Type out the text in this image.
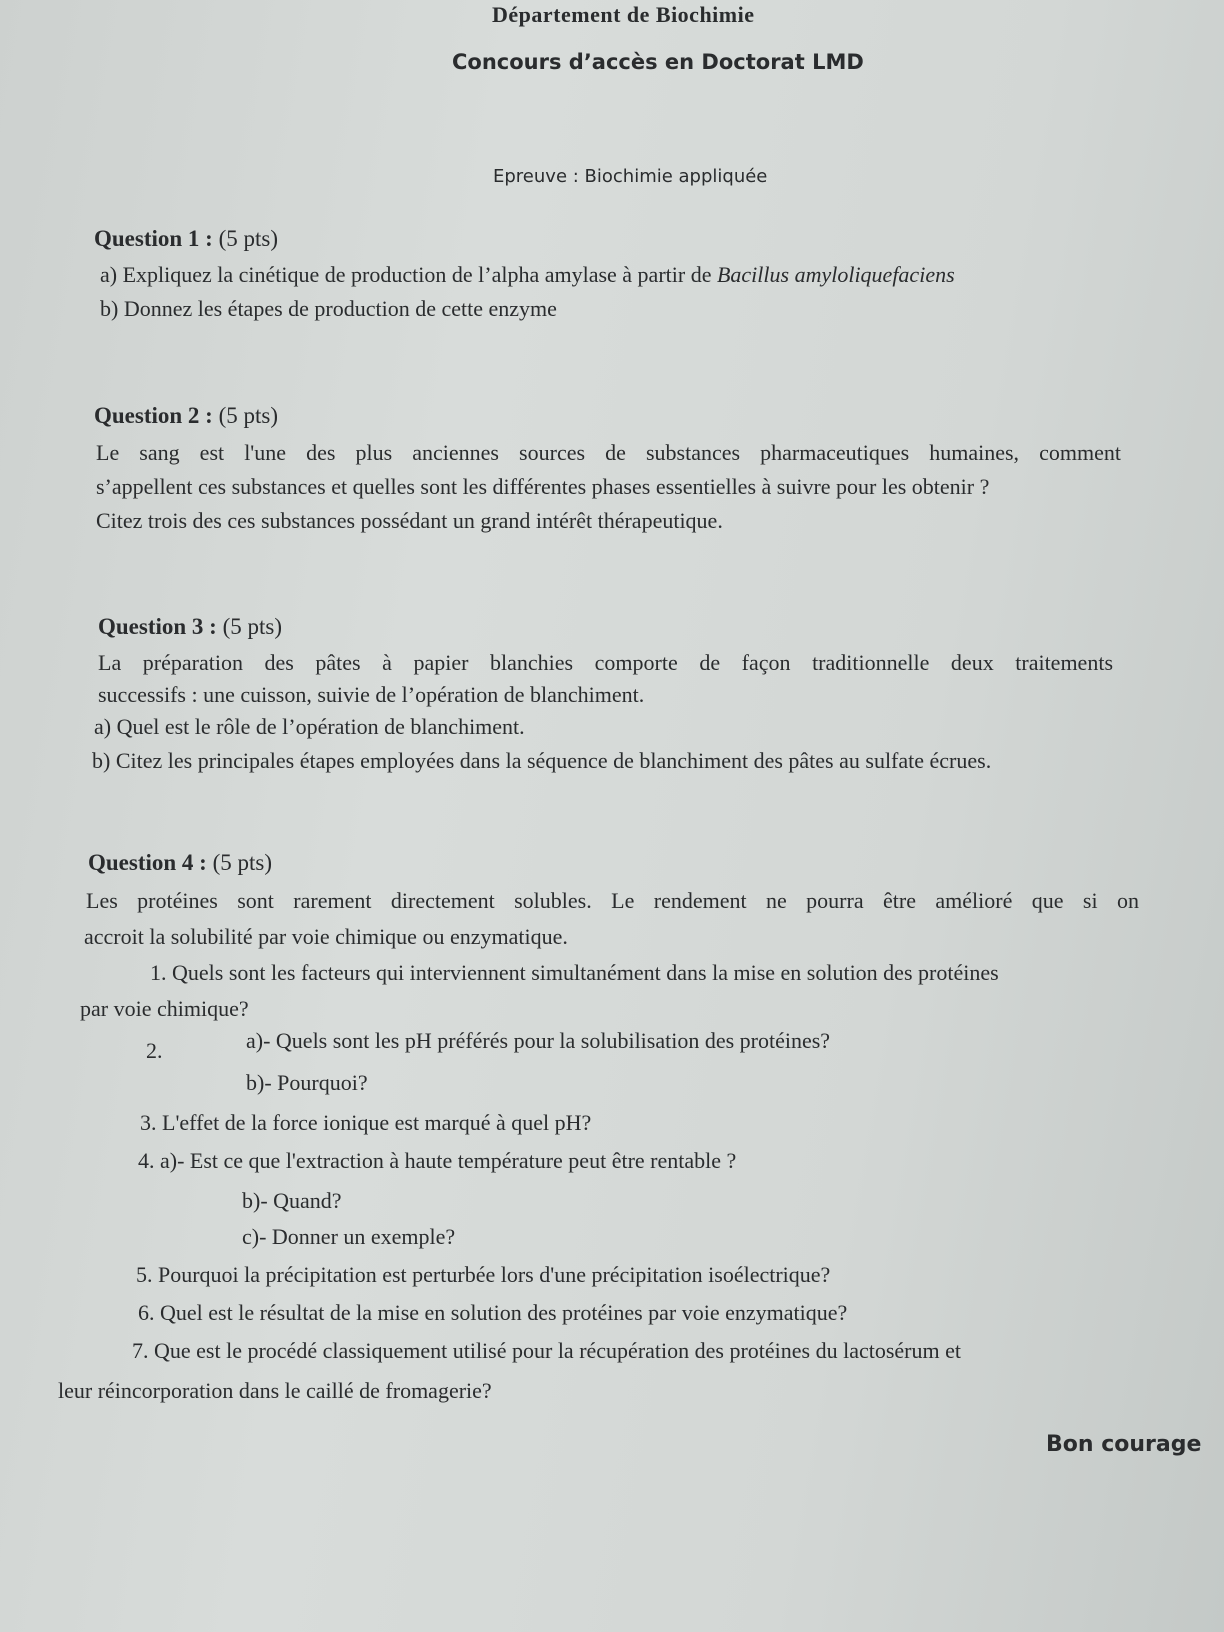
Département de Biochimie
Concours d’accès en Doctorat LMD
Epreuve : Biochimie appliquée
Question 1 : (5 pts)
a) Expliquez la cinétique de production de l’alpha amylase à partir de Bacillus amyloliquefaciens
b) Donnez les étapes de production de cette enzyme
Question 2 : (5 pts)
Le sang est l'une des plus anciennes sources de substances pharmaceutiques humaines, comment
s’appellent ces substances et quelles sont les différentes phases essentielles à suivre pour les obtenir ?
Citez trois des ces substances possédant un grand intérêt thérapeutique.
Question 3 : (5 pts)
La préparation des pâtes à papier blanchies comporte de façon traditionnelle deux traitements
successifs : une cuisson, suivie de l’opération de blanchiment.
a) Quel est le rôle de l’opération de blanchiment.
b) Citez les principales étapes employées dans la séquence de blanchiment des pâtes au sulfate écrues.
Question 4 : (5 pts)
Les protéines sont rarement directement solubles. Le rendement ne pourra être amélioré que si on
accroit la solubilité par voie chimique ou enzymatique.
1. Quels sont les facteurs qui interviennent simultanément dans la mise en solution des protéines
par voie chimique?
2.	a)- Quels sont les pH préférés pour la solubilisation des protéines?
b)- Pourquoi?
3. L'effet de la force ionique est marqué à quel pH?
4. a)- Est ce que l'extraction à haute température peut être rentable ?
b)- Quand?
c)- Donner un exemple?
5. Pourquoi la précipitation est perturbée lors d'une précipitation isoélectrique?
6. Quel est le résultat de la mise en solution des protéines par voie enzymatique?
7. Que est le procédé classiquement utilisé pour la récupération des protéines du lactosérum et
leur réincorporation dans le caillé de fromagerie?
Bon courage
